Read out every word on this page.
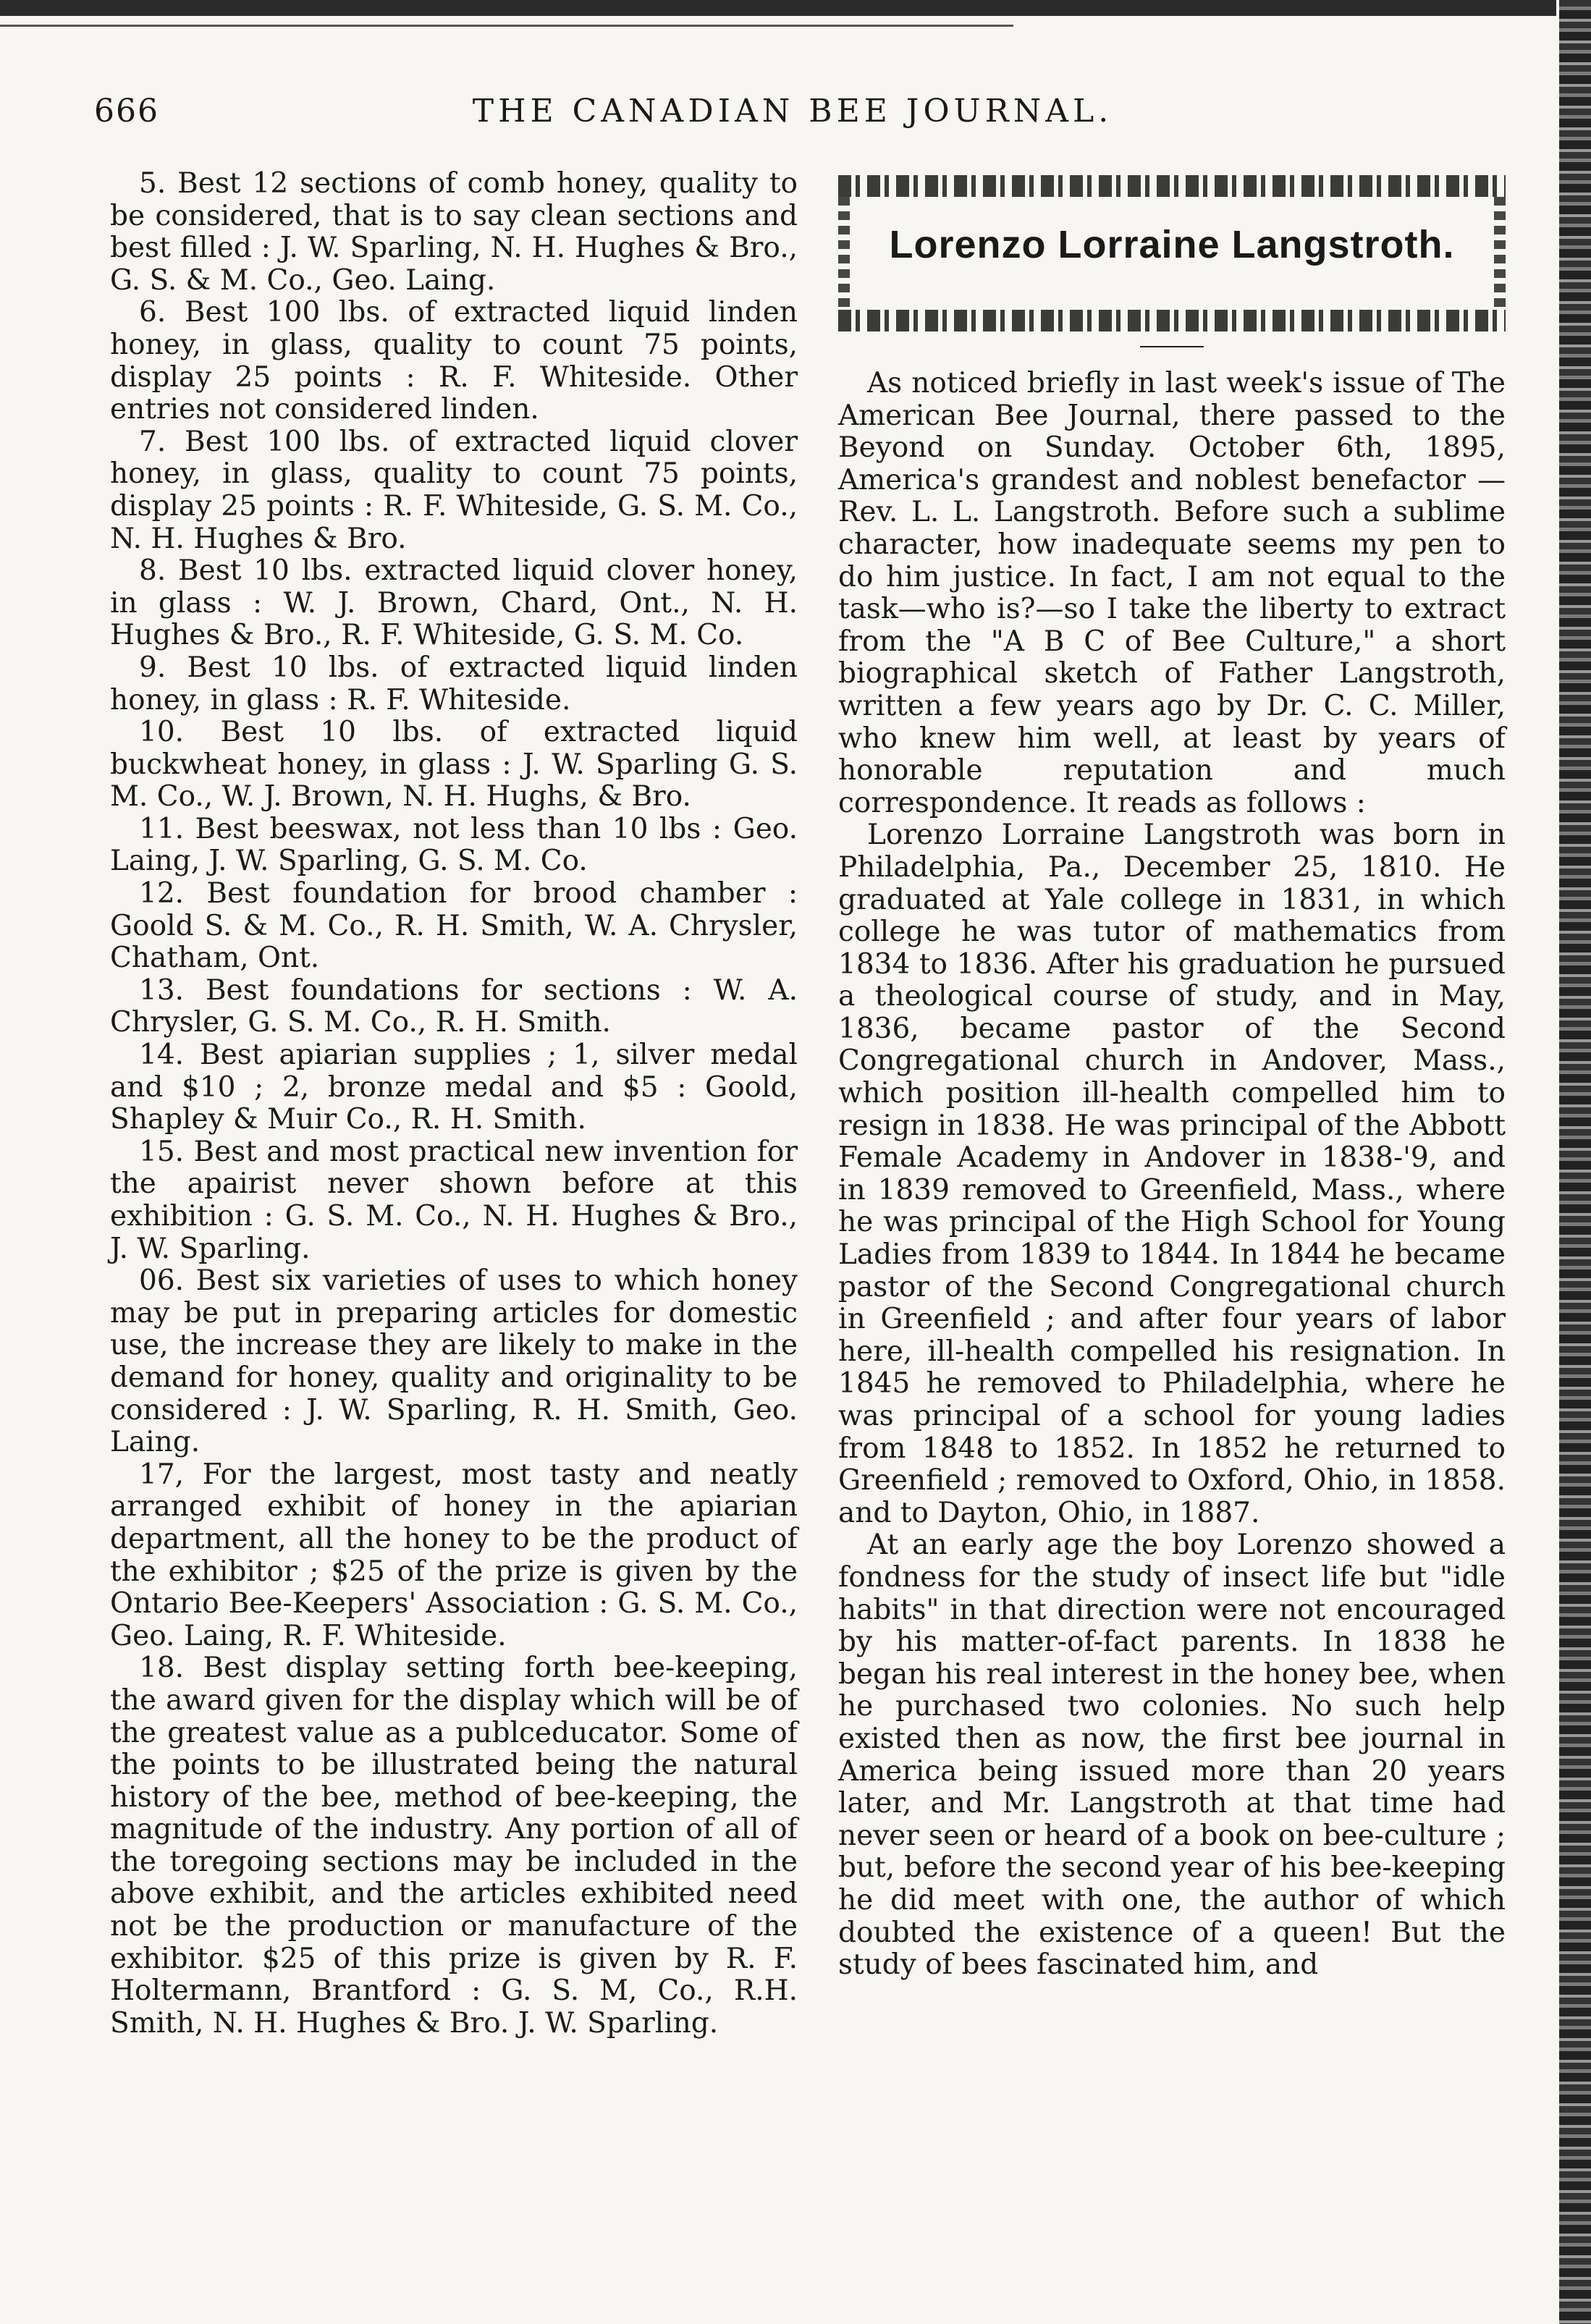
666	THE CANADIAN BEE JOURNAL.

5. Best 12 sections of comb honey, quality to be considered, that is to say clean sections and best filled : J. W. Sparling, N. H. Hughes & Bro., G. S. & M. Co., Geo. Laing.

6. Best 100 lbs. of extracted liquid linden honey, in glass, quality to count 75 points, display 25 points : R. F. Whiteside. Other entries not considered linden.

7. Best 100 lbs. of extracted liquid clover honey, in glass, quality to count 75 points, display 25 points : R. F. Whiteside, G. S. M. Co., N. H. Hughes & Bro.

8. Best 10 lbs. extracted liquid clover honey, in glass : W. J. Brown, Chard, Ont., N. H. Hughes & Bro., R. F. Whiteside, G. S. M. Co.

9. Best 10 lbs. of extracted liquid linden honey, in glass : R. F. Whiteside.

10. Best 10 lbs. of extracted liquid buckwheat honey, in glass : J. W. Sparling G. S. M. Co., W. J. Brown, N. H. Hughs, & Bro.

11. Best beeswax, not less than 10 lbs : Geo. Laing, J. W. Sparling, G. S. M. Co.

12. Best foundation for brood chamber : Goold S. & M. Co., R. H. Smith, W. A. Chrysler, Chatham, Ont.

13. Best foundations for sections : W. A. Chrysler, G. S. M. Co., R. H. Smith.

14. Best apiarian supplies ; 1, silver medal and $10 ; 2, bronze medal and $5 : Goold, Shapley & Muir Co., R. H. Smith.

15. Best and most practical new invention for the apairist never shown before at this exhibition : G. S. M. Co., N. H. Hughes & Bro., J. W. Sparling.

06. Best six varieties of uses to which honey may be put in preparing articles for domestic use, the increase they are likely to make in the demand for honey, quality and originality to be considered : J. W. Sparling, R. H. Smith, Geo. Laing.

17, For the largest, most tasty and neatly arranged exhibit of honey in the apiarian department, all the honey to be the product of the exhibitor ; $25 of the prize is given by the Ontario Bee-Keepers' Association : G. S. M. Co., Geo. Laing, R. F. Whiteside.

18. Best display setting forth bee-keeping, the award given for the display which will be of the greatest value as a publceducator. Some of the points to be illustrated being the natural history of the bee, method of bee-keeping, the magnitude of the industry. Any portion of all of the toregoing sections may be included in the above exhibit, and the articles exhibited need not be the production or manufacture of the exhibitor. $25 of this prize is given by R. F. Holtermann, Brantford : G. S. M, Co., R.H. Smith, N. H. Hughes & Bro. J. W. Sparling.

Lorenzo Lorraine Langstroth.

As noticed briefly in last week's issue of The American Bee Journal, there passed to the Beyond on Sunday. October 6th, 1895, America's grandest and noblest benefactor —Rev. L. L. Langstroth. Before such a sublime character, how inadequate seems my pen to do him justice. In fact, I am not equal to the task—who is?—so I take the liberty to extract from the "A B C of Bee Culture," a short biographical sketch of Father Langstroth, written a few years ago by Dr. C. C. Miller, who knew him well, at least by years of honorable reputation and much correspondence. It reads as follows :

Lorenzo Lorraine Langstroth was born in Philadelphia, Pa., December 25, 1810. He graduated at Yale college in 1831, in which college he was tutor of mathematics from 1834 to 1836. After his graduation he pursued a theological course of study, and in May, 1836, became pastor of the Second Congregational church in Andover, Mass., which position ill-health compelled him to resign in 1838. He was principal of the Abbott Female Academy in Andover in 1838-'9, and in 1839 removed to Greenfield, Mass., where he was principal of the High School for Young Ladies from 1839 to 1844. In 1844 he became pastor of the Second Congregational church in Greenfield ; and after four years of labor here, ill-health compelled his resignation. In 1845 he removed to Philadelphia, where he was principal of a school for young ladies from 1848 to 1852. In 1852 he returned to Greenfield ; removed to Oxford, Ohio, in 1858. and to Dayton, Ohio, in 1887.

At an early age the boy Lorenzo showed a fondness for the study of insect life but "idle habits" in that direction were not encouraged by his matter-of-fact parents. In 1838 he began his real interest in the honey bee, when he purchased two colonies. No such help existed then as now, the first bee journal in America being issued more than 20 years later, and Mr. Langstroth at that time had never seen or heard of a book on bee-culture ; but, before the second year of his bee-keeping he did meet with one, the author of which doubted the existence of a queen! But the study of bees fascinated him, and
